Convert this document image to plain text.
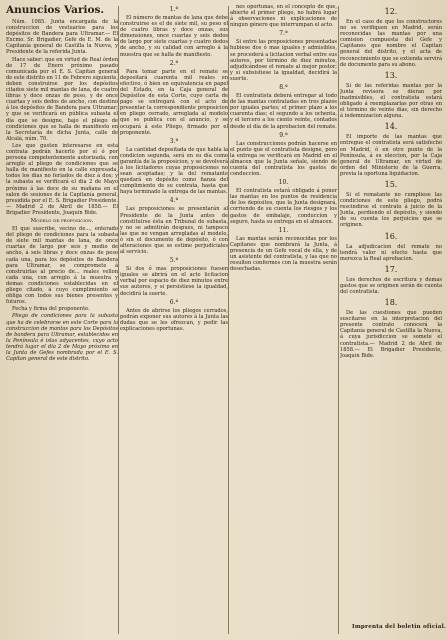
Anuncios Varios.

Núm. 1085. Junta encargada de la construccion de vestuarios para los depósitos de Bandera para Ultramar.— El Excmo. Sr. Brigadier, Gefe de E. M. de la Capitanía general de Castilla la Nueva, y Presidente de la referida Junta.

Hace saber: que en virtud de Real órden de 17 de Enero próximo pasado comunicada por el E. S. Capitan general de este distrito en 11 de Febrero siguiente, deben construirse por los depósitos citados siete mil mantas de lana, de cuatro libras y doce onzas de peso, y de once cuartas y seis dedos de ancho, con destino á los depósitos de Bandera para Ultramar; y que se verificará en pública subasta el dia que se designe, bajo el pliego de condiciones que se halla de manifiesto en la Secretaría de dicha Junta, calle de Alcalá, núm. 70.

Los que gusten interesarse en esta contrata podrán hacerlo por sí ó por persona competentemente autorizada, con arreglo al pliego de condiciones que se halla de manifiesto en la calle expresada, todos los dias no feriados de diez á dos; y la subasta se verificará el dia 2 de Mayo próximo á las doce de su mañana en el salon de sesiones de la Capitanía general, presidida por el E. S. Brigadier Presidente.— Madrid 2 de Abril de 1858.— El Brigadier Presidente, Joaquin Bide.

Modelo de proposicion.

El que suscribe, vecino de..., enterado del pliego de condiciones para la subasta de siete mil mantas de lana, de once cuartas de largo por seis y medio de ancho, á seis libras y doce onzas de peso cada una, para los depósitos de Bandera para Ultramar, se compromete á construirlas al precio de... reales vellon cada una, con arreglo á la muestra y demas condiciones establecidas en el pliego citado, á cuyo cumplimiento se obliga con todos sus bienes presentes y futuros.

Fecha y firma del proponente.

Pliego de condiciones para la subasta que ha de celebrarse en este Corte para la construccion de mantas para los Depósitos de bandera para Ultramar, establecidos en la Península é islas adyacentes, cuyo acto tendrá lugar el dia 2 de Mayo próximo en la Junta de Gefes nombrada por el E. S. Capitan general de este distrito.

1.ª

El número de mantas de lana que debe construirse es el de siete mil, su peso el de cuatro libras y doce onzas, sus dimensiones, once cuartas y seis dedos de largo por siete cuartas y cuatro dedos de ancho, y su calidad con arreglo á la muestra que se halla de manifiesto.

2.ª

Para tomar parte en el remate se depositará cuarenta mil reales en efectivo, ó bien en equivalencia en papel del Estado, en la Caja general de Depósitos de esta Corte, cuyo carta de pago se entregará con el acto de presentar la correspondiente proposicion en pliego cerrado, arreglada al modelo que se publica con el anuncio, y se ocupará á este Pliego, firmado por el proponente.

3.ª

La cantidad depositada de que habla la condicion segunda, será en su día como garantía de la proposicion, y se devolverá á los licitadores cuyas proposiciones no sean aceptadas; y la del rematante quedará en depósito como fianza del cumplimiento de su contrata, hasta que haya terminado la entrega de las mantas.

4.ª

Las proposiciones se presentarán al Presidente de la Junta antes de constituirse ésta en Tribunal de subasta, y no se admitirán despues, ni tampoco las que no vengan arregladas al modelo, ó sin el documento de depósito, ó con alteraciones que se estime perjudiciales al servicio.

5.ª

Si dos ó mas proposiciones fuesen iguales se abrirá en el acto licitacion verbal por espacio de diez minutos entre sus autores, y si persistiese la igualdad, decidirá la suerte.

6.ª

Antes de abrirse los pliegos cerrados, podrán exponer sus autores á la Junta las dudas que se les ofrezcan, y pedir las explicaciones oportunas.

nes oportunas, en el concepto de que, abierto el primer pliego, no habrá lugar á observaciones ni explicaciones de ningun género que interrumpan el acto.

7.ª

Si entre las proposiciones presentadas hubiese dos ó mas iguales y admisibles, se procederá a licitacion verbal entre sus autores, por término de diez minutos, adjudicándose el remate al mejor postor; y si subsistiese la igualdad, decidirá la suerte.

8.ª

El contratista deberá entregar al todo de las mantas contratadas en tres plazos por iguales partes; el primer plazo a los cuarenta días; el segundo a los ochenta, y el tercero a los ciento veinte, contados desde el día de la aprobacion del remate.

9.ª

Las construcciones podrán hacerse en el punto que el contratista designe, pero la entrega se verificará en Madrid en el almacen que la Junta señale, siendo de cuenta del contratista los gastos de conduccion.

10.

El contratista estará obligado á poner las mantas en los puntos de residencia de los depósitos, que la Junta designará, corriendo de su cuenta los riesgos y los gastos de embalaje, conduccion y seguro, hasta su entrega en el almacen.

11.

Las mantas serán reconocidas por los Capitanes que nombrará la Junta, á presencia de un Gefe vocal de ella, y de un asistente del contratista, y las que no resulten conformes con la muestra serán desechadas.

12.

En el caso de que los constructores no se verifiquen en Madrid, serán reconocidas las mantas por una comision compuesta del Gefe y Capitanes que nombre el Capitan general del distrito, y el acta de reconocimiento que se extienda servirá de documento para su abono.

13.

Si de las referidas mantas por la Junta revisora se dieran por inadmisibles, el contratista estará obligado á reemplazarlas por otras en el término de veinte días, sin derecho á indemnizacion alguna.

14.

El importe de las mantas que entregue el contratista será satisfecho en Madrid, ó en otro punto de la Península, á su eleccion, por la Caja general de Ultramar, en virtud de órden del Ministerio de la Guerra, previa la oportuna liquidacion.

15.

Si el rematante no cumpliese las condiciones de este pliego, podrá rescindirse el contrato á juicio de la Junta, perdiendo el depósito, y siendo de su cuenta los perjuicios que se originen.

16.

La adjudicacion del remate no tendrá valor ni efecto hasta que merezca la Real aprobacion.

17.

Los derechos de escritura y demas gastos que se originen serán de cuenta del contratista.

18.

De las cuestiones que pueden suscitarse en la interpretacion del presente contrato conocerá la Capitanía general de Castilla la Nueva, á cuya jurisdiccion se somete el contratista.— Madrid 2 de Abril de 1858.— El Brigadier Presidente, Joaquin Bide.

Imprenta del boletin oficial.
